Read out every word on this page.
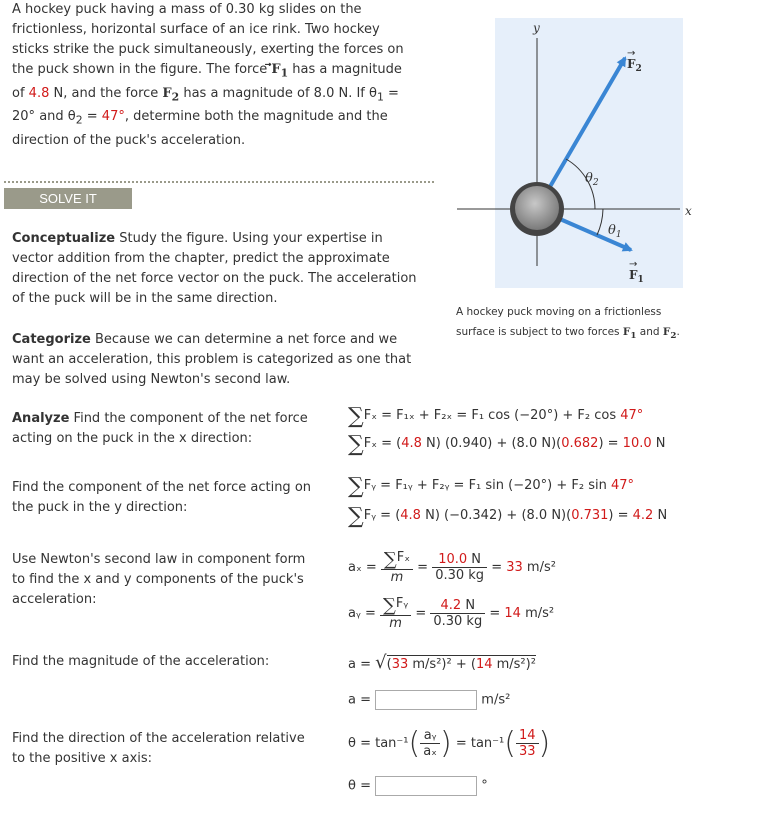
A hockey puck having a mass of 0.30 kg slides on the frictionless, horizontal surface of an ice rink. Two hockey sticks strike the puck simultaneously, exerting the forces on the puck shown in the figure. The force $F_1$ has a magnitude of 4.8 N, and the force $F_2$ has a magnitude of 8.0 N. If $\theta_1 = 20^\circ$ and $\theta_2 = 47^\circ$, determine both the magnitude and the direction of the puck's acceleration.
SOLVE IT
y
x
$F_2$
→
$F_1$
→
$\theta_2$
$\theta_1$
A hockey puck moving on a frictionless
surface is subject to two forces $F_1$ and $F_2$.
Conceptualize Study the figure. Using your expertise in vector addition from the chapter, predict the approximate direction of the net force vector on the puck. The acceleration of the puck will be in the same direction.
Categorize Because we can determine a net force and we want an acceleration, this problem is categorized as one that may be solved using Newton's second law.
Analyze Find the component of the net force acting on the puck in the x direction:
∑Fₓ = F₁ₓ + F₂ₓ = F₁ cos (−20°) + F₂ cos 47°
∑Fₓ = (4.8 N) (0.940) + (8.0 N)(0.682) = 10.0 N
Find the component of the net force acting on the puck in the y direction:
∑Fᵧ = F₁ᵧ + F₂ᵧ = F₁ sin (−20°) + F₂ sin 47°
∑Fᵧ = (4.8 N) (−0.342) + (8.0 N)(0.731) = 4.2 N
Use Newton's second law in component form to find the x and y components of the puck's acceleration:
$a_x = \frac{\text{∑Fₓ}}{m} = \frac{10.0 N}{0.30 kg} = 33$ m/s²
aᵧ = $\frac{\text{∑Fᵧ}}{m} = \frac{4.2 N}{0.30 kg} = 14$ m/s²
Find the magnitude of the acceleration:	a = √(33 m/s²)² + (14 m/s²)²
a =	m/s²
Find the direction of the acceleration relative to the positive x axis:
$\theta = \tan^{-1}( \frac{\text{aᵧ}}{\text{aₓ}}$ ) = $\tan^{-1}( \frac{14}{33}$ )
θ =	°
